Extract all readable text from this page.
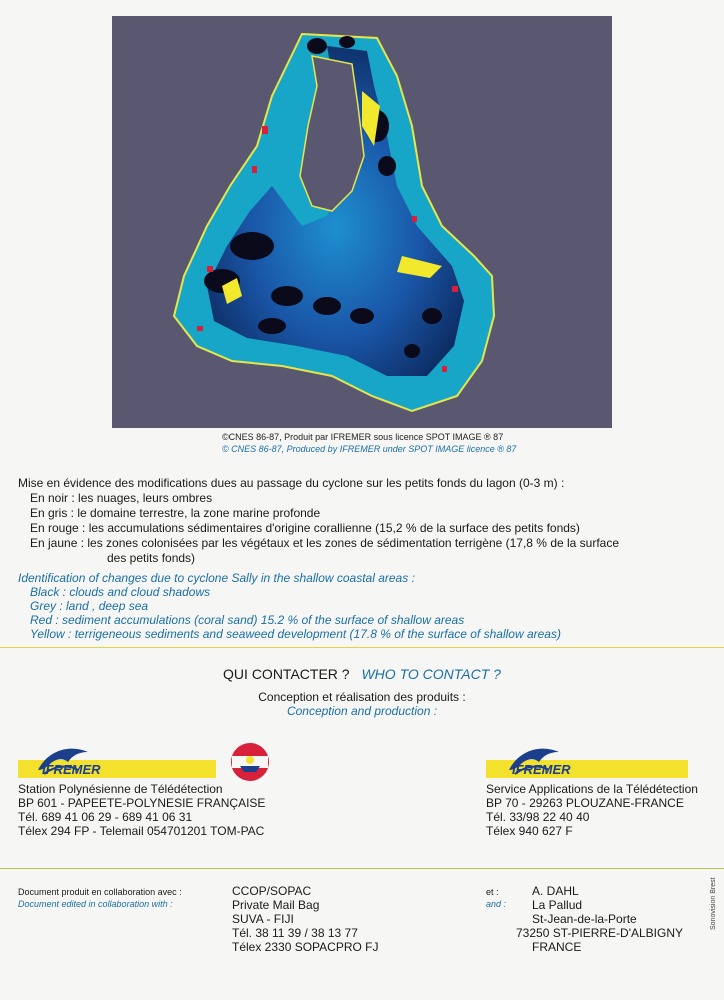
©CNES 86-87, Produit par IFREMER sous licence SPOT IMAGE ® 87
© CNES 86-87, Produced by IFREMER under SPOT IMAGE licence ® 87

Mise en évidence des modifications dues au passage du cyclone sur les petits fonds du lagon (0-3 m) :

En noir : les nuages, leurs ombres

En gris : le domaine terrestre, la zone marine profonde

En rouge : les accumulations sédimentaires d'origine corallienne (15,2 % de la surface des petits fonds)

En jaune : les zones colonisées par les végétaux et les zones de sédimentation terrigène (17,8 % de la surface

des petits fonds)

Identification of changes due to cyclone Sally in the shallow coastal areas :

Black : clouds and cloud shadows

Grey : land , deep sea

Red : sediment accumulations (coral sand) 15.2 % of the surface of shallow areas

Yellow : terrigeneous sediments and seaweed development (17.8 % of the surface of shallow areas)

QUI CONTACTER ? WHO TO CONTACT ?
Conception et réalisation des produits :
Conception and production :
IFREMER	IFREMER

Station Polynésienne de Télédétection

BP 601 - PAPEETE-POLYNESIE FRANÇAISE

Tél. 689 41 06 29 - 689 41 06 31

Télex 294 FP - Telemail 054701201 TOM-PAC

Service Applications de la Télédétection

BP 70 - 29263 PLOUZANE-FRANCE

Tél. 33/98 22 40 40

Télex 940 627 F

Document produit en collaboration avec :

Document edited in collaboration with :

CCOP/SOPAC

Private Mail Bag

SUVA - FIJI

Tél. 38 11 39 / 38 13 77

Télex 2330 SOPACPRO FJ

et :

and :

A. DAHL

La Pallud

St-Jean-de-la-Porte

73250 ST-PIERRE-D'ALBIGNY

FRANCE

Sonovision Brest
